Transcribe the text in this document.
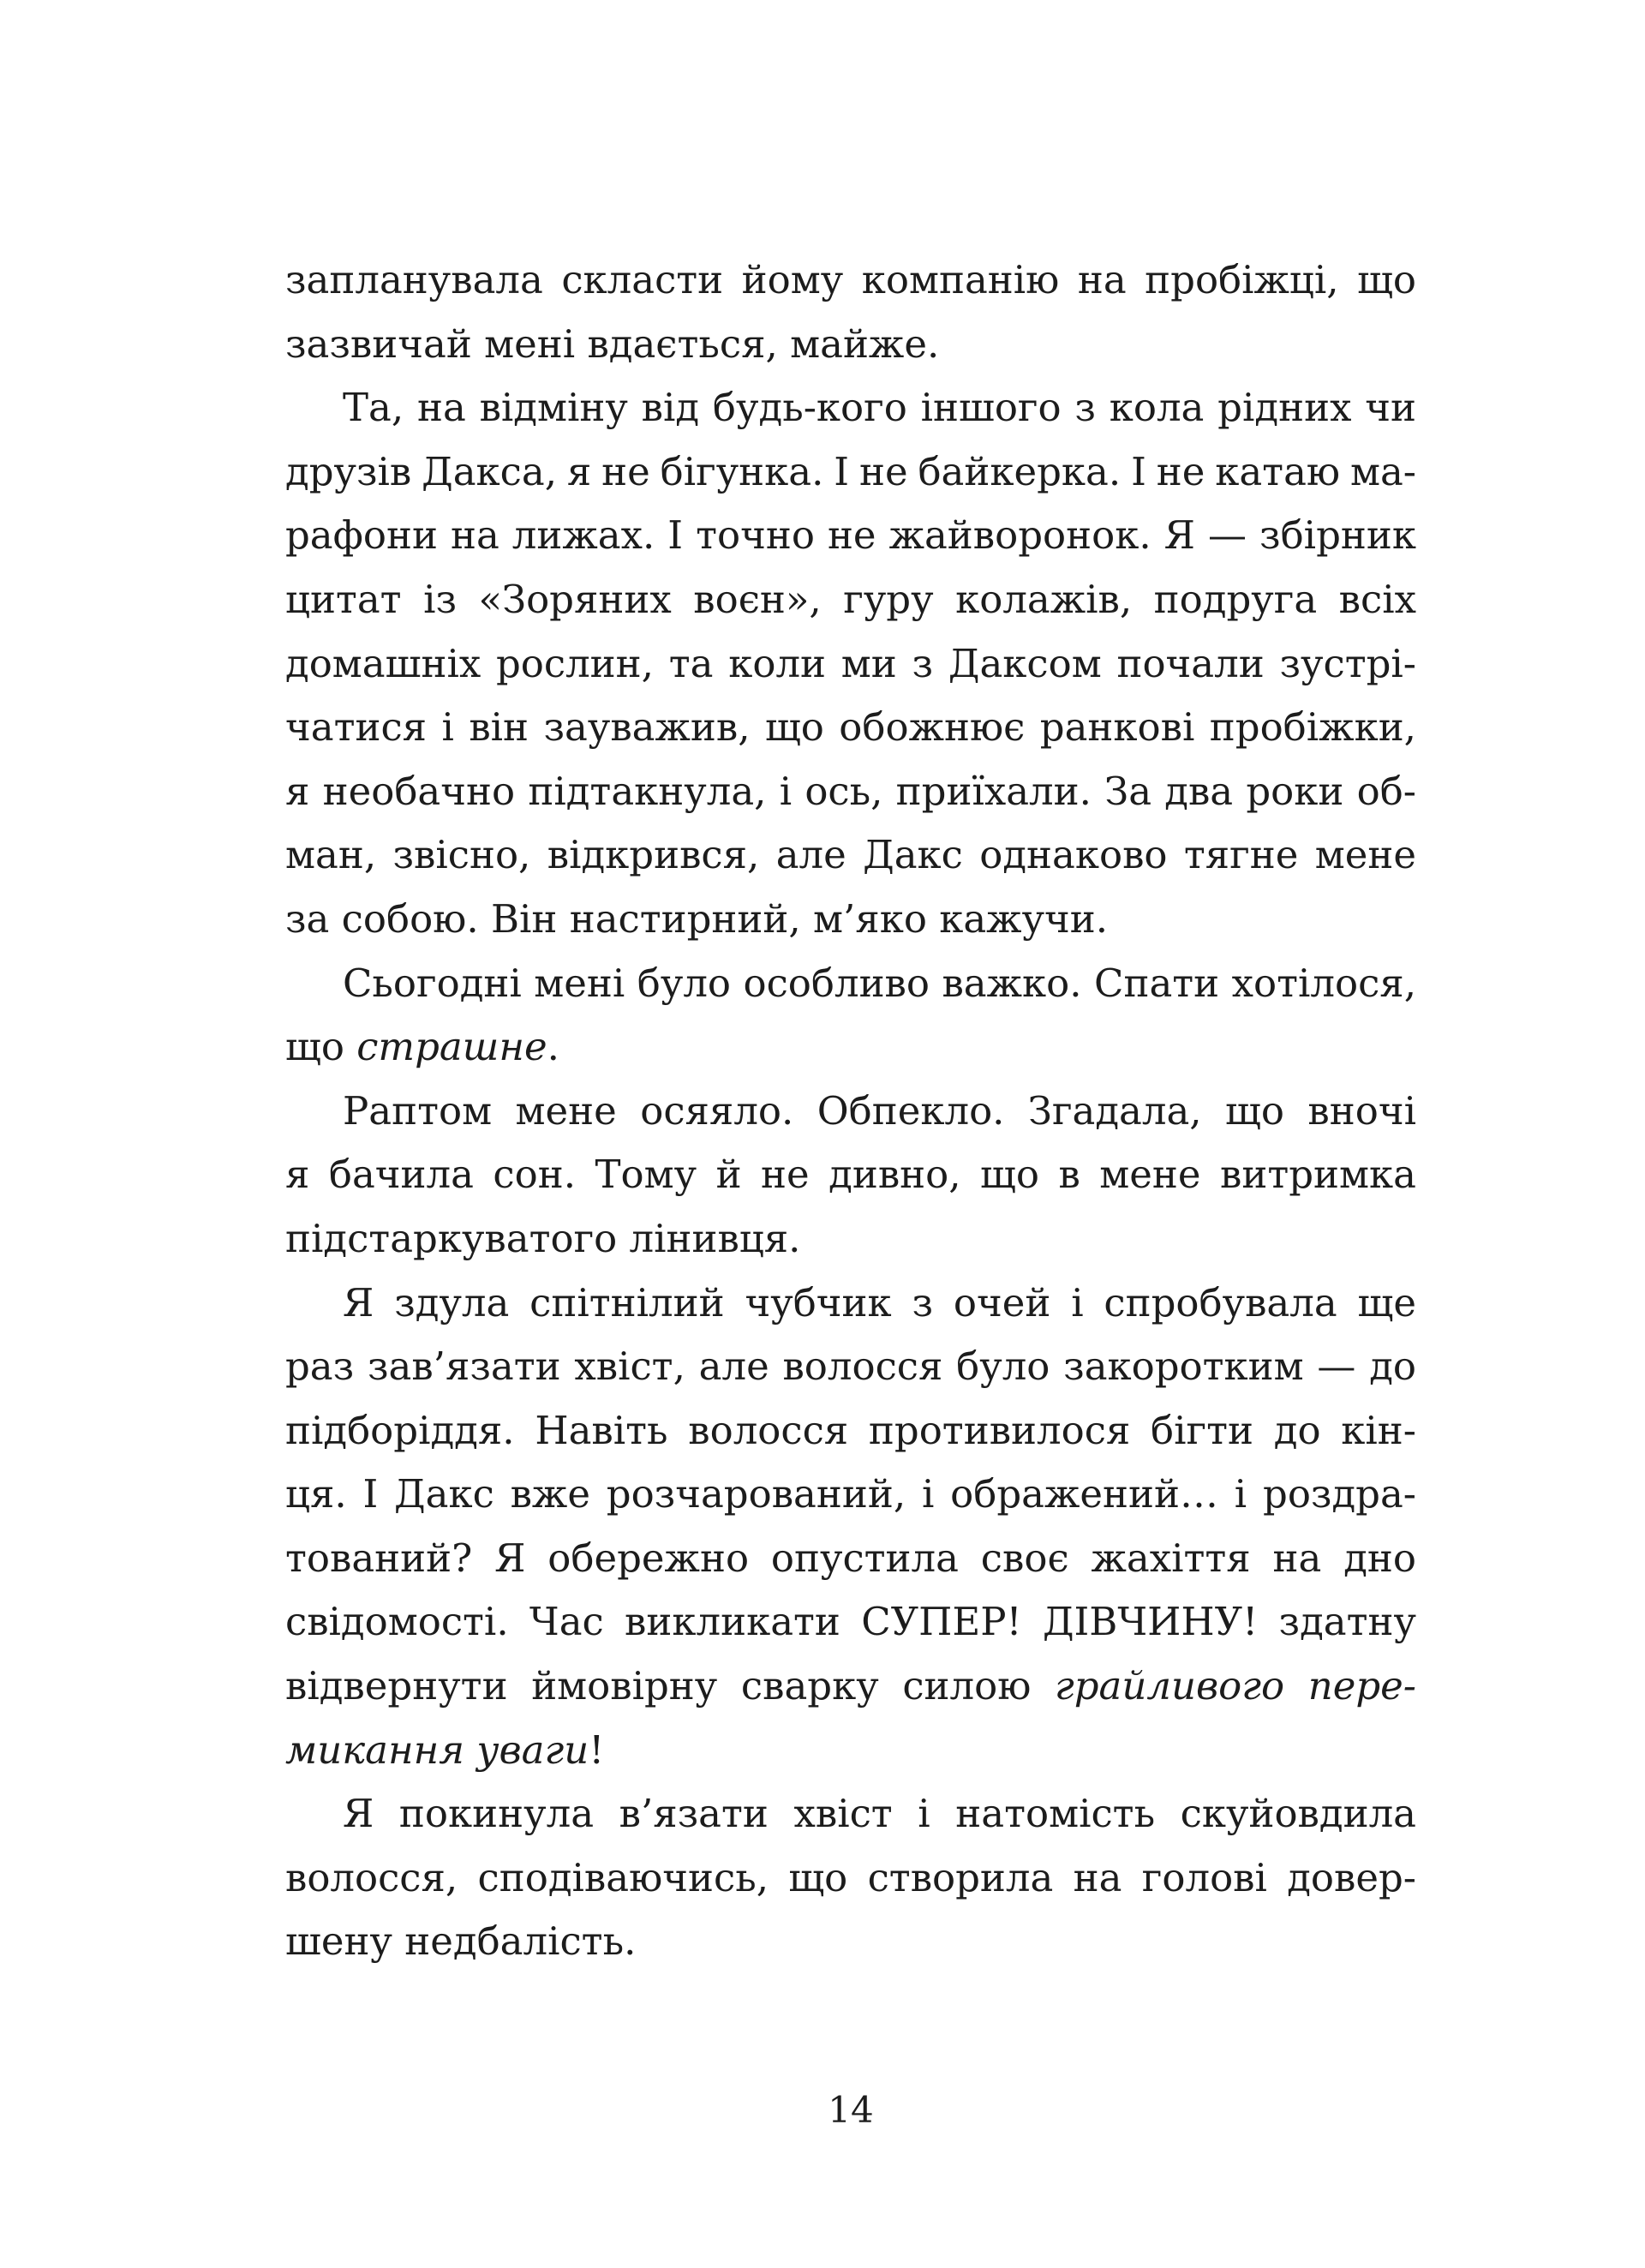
запланувала скласти йому компанію на пробіжці, що
зазвичай мені вдається, майже.
Та, на відміну від будь-кого іншого з кола рідних чи
друзів Дакса, я не бігунка. І не байкерка. І не катаю ма-
рафони на лижах. І точно не жайворонок. Я — збірник
цитат із «Зоряних воєн», гуру колажів, подруга всіх
домашніх рослин, та коли ми з Даксом почали зустрі-
чатися і він зауважив, що обожнює ранкові пробіжки,
я необачно підтакнула, і ось, приїхали. За два роки об-
ман, звісно, відкрився, але Дакс однаково тягне мене
за собою. Він настирний, м’яко кажучи.
Сьогодні мені було особливо важко. Спати хотілося,
що страшне.
Раптом мене осяяло. Обпекло. Згадала, що вночі
я бачила сон. Тому й не дивно, що в мене витримка
підстаркуватого лінивця.
Я здула спітнілий чубчик з очей і спробувала ще
раз зав’язати хвіст, але волосся було закоротким — до
підборіддя. Навіть волосся противилося бігти до кін-
ця. І Дакс вже розчарований, і ображений… і роздра-
тований? Я обережно опустила своє жахіття на дно
свідомості. Час викликати СУПЕР! ДІВЧИНУ! здатну
відвернути ймовірну сварку силою грайливого пере-
микання уваги!
Я покинула в’язати хвіст і натомість скуйовдила
волосся, сподіваючись, що створила на голові довер-
шену недбалість.
14
